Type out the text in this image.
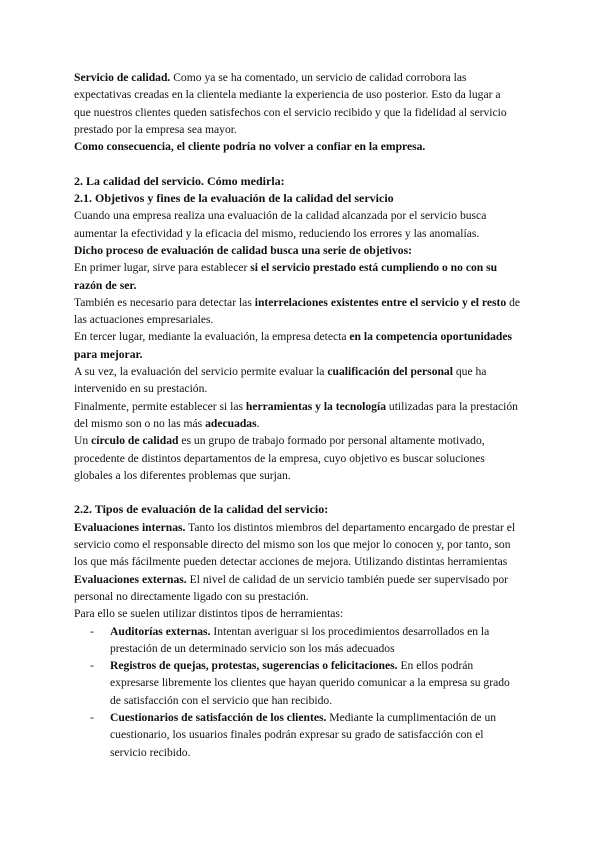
Servicio de calidad. Como ya se ha comentado, un servicio de calidad corrobora las expectativas creadas en la clientela mediante la experiencia de uso posterior. Esto da lugar a que nuestros clientes queden satisfechos con el servicio recibido y que la fidelidad al servicio prestado por la empresa sea mayor.

Como consecuencia, el cliente podría no volver a confiar en la empresa.

2. La calidad del servicio. Cómo medirla:

2.1. Objetivos y fines de la evaluación de la calidad del servicio

Cuando una empresa realiza una evaluación de la calidad alcanzada por el servicio busca aumentar la efectividad y la eficacia del mismo, reduciendo los errores y las anomalías.

Dicho proceso de evaluación de calidad busca una serie de objetivos:

En primer lugar, sirve para establecer si el servicio prestado está cumpliendo o no con su razón de ser.

También es necesario para detectar las interrelaciones existentes entre el servicio y el resto de las actuaciones empresariales.

En tercer lugar, mediante la evaluación, la empresa detecta en la competencia oportunidades para mejorar.

A su vez, la evaluación del servicio permite evaluar la cualificación del personal que ha intervenido en su prestación.

Finalmente, permite establecer si las herramientas y la tecnología utilizadas para la prestación del mismo son o no las más adecuadas.

Un círculo de calidad es un grupo de trabajo formado por personal altamente motivado, procedente de distintos departamentos de la empresa, cuyo objetivo es buscar soluciones globales a los diferentes problemas que surjan.

2.2. Tipos de evaluación de la calidad del servicio:

Evaluaciones internas. Tanto los distintos miembros del departamento encargado de prestar el servicio como el responsable directo del mismo son los que mejor lo conocen y, por tanto, son los que más fácilmente pueden detectar acciones de mejora. Utilizando distintas herramientas

Evaluaciones externas. El nivel de calidad de un servicio también puede ser supervisado por personal no directamente ligado con su prestación.

Para ello se suelen utilizar distintos tipos de herramientas:

- Auditorías externas. Intentan averiguar si los procedimientos desarrollados en la prestación de un determinado servicio son los más adecuados
- Registros de quejas, protestas, sugerencias o felicitaciones. En ellos podrán expresarse libremente los clientes que hayan querido comunicar a la empresa su grado de satisfacción con el servicio que han recibido.
- Cuestionarios de satisfacción de los clientes. Mediante la cumplimentación de un cuestionario, los usuarios finales podrán expresar su grado de satisfacción con el servicio recibido.
